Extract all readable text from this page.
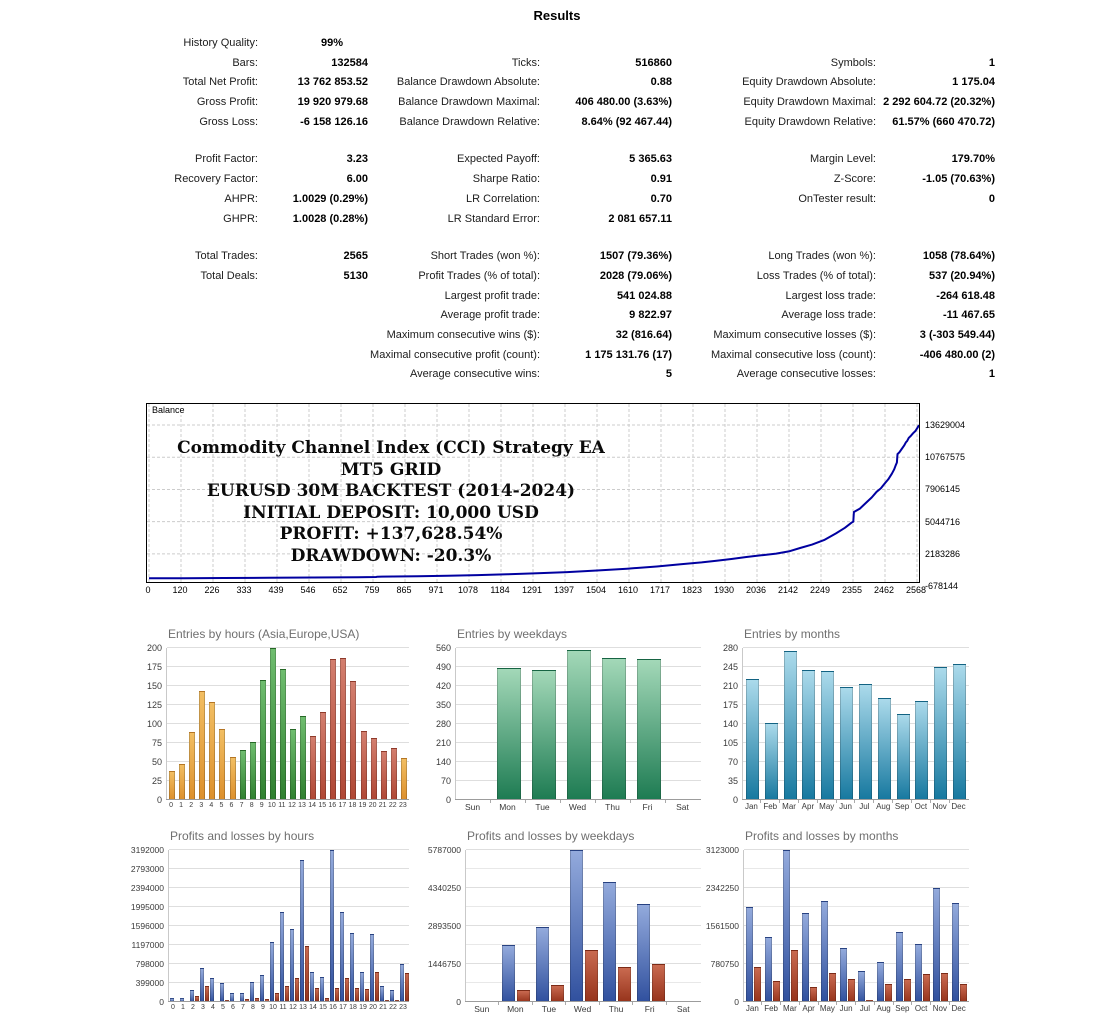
Results
History Quality:	99%
Bars:	132584	Ticks:	516860	Symbols:	1
Total Net Profit:	13 762 853.52	Balance Drawdown Absolute:	0.88	Equity Drawdown Absolute:	1 175.04
Gross Profit:	19 920 979.68	Balance Drawdown Maximal:	406 480.00 (3.63%)	Equity Drawdown Maximal: 2 292 604.72 (20.32%)
Gross Loss:	-6 158 126.16	Balance Drawdown Relative:	8.64% (92 467.44)	Equity Drawdown Relative:	61.57% (660 470.72)
Profit Factor:	3.23	Expected Payoff:	5 365.63	Margin Level:	179.70%
Recovery Factor:	6.00	Sharpe Ratio:	0.91	Z-Score:	-1.05 (70.63%)
AHPR:	1.0029 (0.29%)	LR Correlation:	0.70	OnTester result:	0
GHPR:	1.0028 (0.28%)	LR Standard Error:	2 081 657.11
Total Trades:	2565	Short Trades (won %):	1507 (79.36%)	Long Trades (won %):	1058 (78.64%)
Total Deals:	5130	Profit Trades (% of total):	2028 (79.06%)	Loss Trades (% of total):	537 (20.94%)
Largest profit trade:	541 024.88	Largest loss trade:	-264 618.48
Average profit trade:	9 822.97	Average loss trade:	-11 467.65
Maximum consecutive wins ($):	32 (816.64)	Maximum consecutive losses ($):	3 (-303 549.44)
Maximal consecutive profit (count):	1 175 131.76 (17)	Maximal consecutive loss (count):	-406 480.00 (2)
Average consecutive wins:	5	Average consecutive losses:	1
Balance
Commodity Channel Index (CCI) Strategy EA
MT5 GRID
EURUSD 30M BACKTEST (2014-2024)
INITIAL DEPOSIT: 10,000 USD
PROFIT: +137,628.54%
DRAWDOWN: -20.3%
13629004
10767575
7906145
5044716
2183286
-678144
0 120 226 333 439 546 652 759 865 971 1078 1184 1291 1397 1504 1610 1717 1823 1930 2036 2142 2249 2355 2462 2568
Entries by hours (Asia,Europe,USA)
0
25
50
75
100
125
150
175
200
0 1 2 3 4 5 6 7 8 9 10 11 12 13 14 15 16 17 18 19 20 21 22 23
Entries by weekdays
0
70
140
210
280
350
420
490
560
Sun	Mon	Tue	Wed	Thu	Fri	Sat
Entries by months
0
35
70
105
140
175
210
245
280
Jan Feb Mar Apr May Jun Jul Aug Sep Oct Nov Dec
Profits and losses by hours
0
399000
798000
1197000
1596000
1995000
2394000
2793000
3192000
0 1 2 3 4 5 6 7 8 9 10 11 12 13 14 15 16 17 18 19 20 21 22 23
Profits and losses by weekdays
0
1446750
2893500
4340250
5787000
Sun	Mon	Tue	Wed	Thu	Fri	Sat
Profits and losses by months
0
780750
1561500
2342250
3123000
Jan Feb Mar Apr May Jun Jul Aug Sep Oct Nov Dec
